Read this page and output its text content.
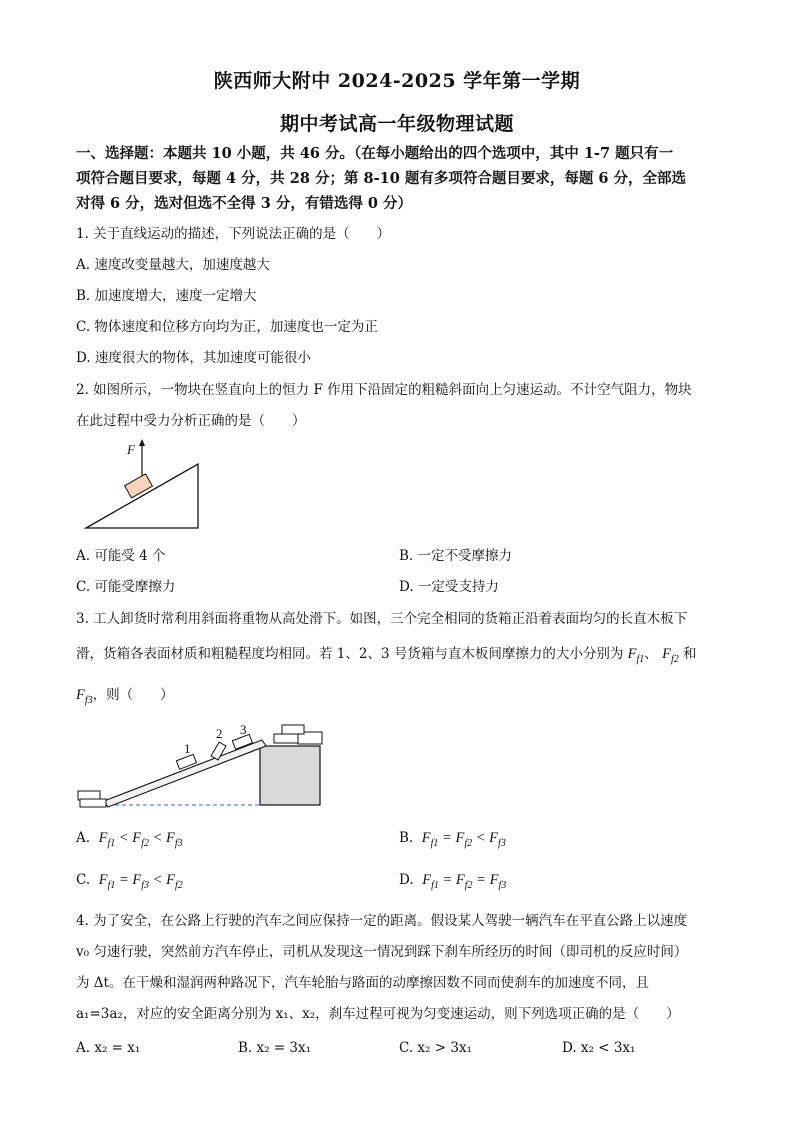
陕西师大附中 2024-2025 学年第一学期
期中考试高一年级物理试题
一、选择题：本题共 10 小题，共 46 分。（在每小题给出的四个选项中，其中 1-7 题只有一
项符合题目要求，每题 4 分，共 28 分；第 8-10 题有多项符合题目要求，每题 6 分，全部选
对得 6 分，选对但选不全得 3 分，有错选得 0 分）
1. 关于直线运动的描述，下列说法正确的是（　　）
A. 速度改变量越大，加速度越大
B. 加速度增大，速度一定增大
C. 物体速度和位移方向均为正，加速度也一定为正
D. 速度很大的物体，其加速度可能很小
2. 如图所示，一物块在竖直向上的恒力 F 作用下沿固定的粗糙斜面向上匀速运动。不计空气阻力，物块
在此过程中受力分析正确的是（　　）
F
A. 可能受 4 个	B. 一定不受摩擦力
C. 可能受摩擦力	D. 一定受支持力
3. 工人卸货时常利用斜面将重物从高处滑下。如图，三个完全相同的货箱正沿着表面均匀的长直木板下
滑，货箱各表面材质和粗糙程度均相同。若 1、2、3 号货箱与直木板间摩擦力的大小分别为 $F_{f1}$、 $F_{f2}$ 和
$F_{f3}$，则（　　）
1
2 3
A.  $F_{f1} < F_{f2} < F_{f3}$	B.  $F_{f1} = F_{f2} < F_{f3}$
C.  $F_{f1} = F_{f3} < F_{f2}$	D.  $F_{f1} = F_{f2} = F_{f3}$
4. 为了安全，在公路上行驶的汽车之间应保持一定的距离。假设某人驾驶一辆汽车在平直公路上以速度
v₀ 匀速行驶，突然前方汽车停止，司机从发现这一情况到踩下刹车所经历的时间（即司机的反应时间）
为 Δt。在干燥和湿润两种路况下，汽车轮胎与路面的动摩擦因数不同而使刹车的加速度不同，且
a₁=3a₂，对应的安全距离分别为 x₁、x₂，刹车过程可视为匀变速运动，则下列选项正确的是（　　）
A. x₂ = x₁	B. x₂ = 3x₁	C. x₂ > 3x₁	D. x₂ < 3x₁
